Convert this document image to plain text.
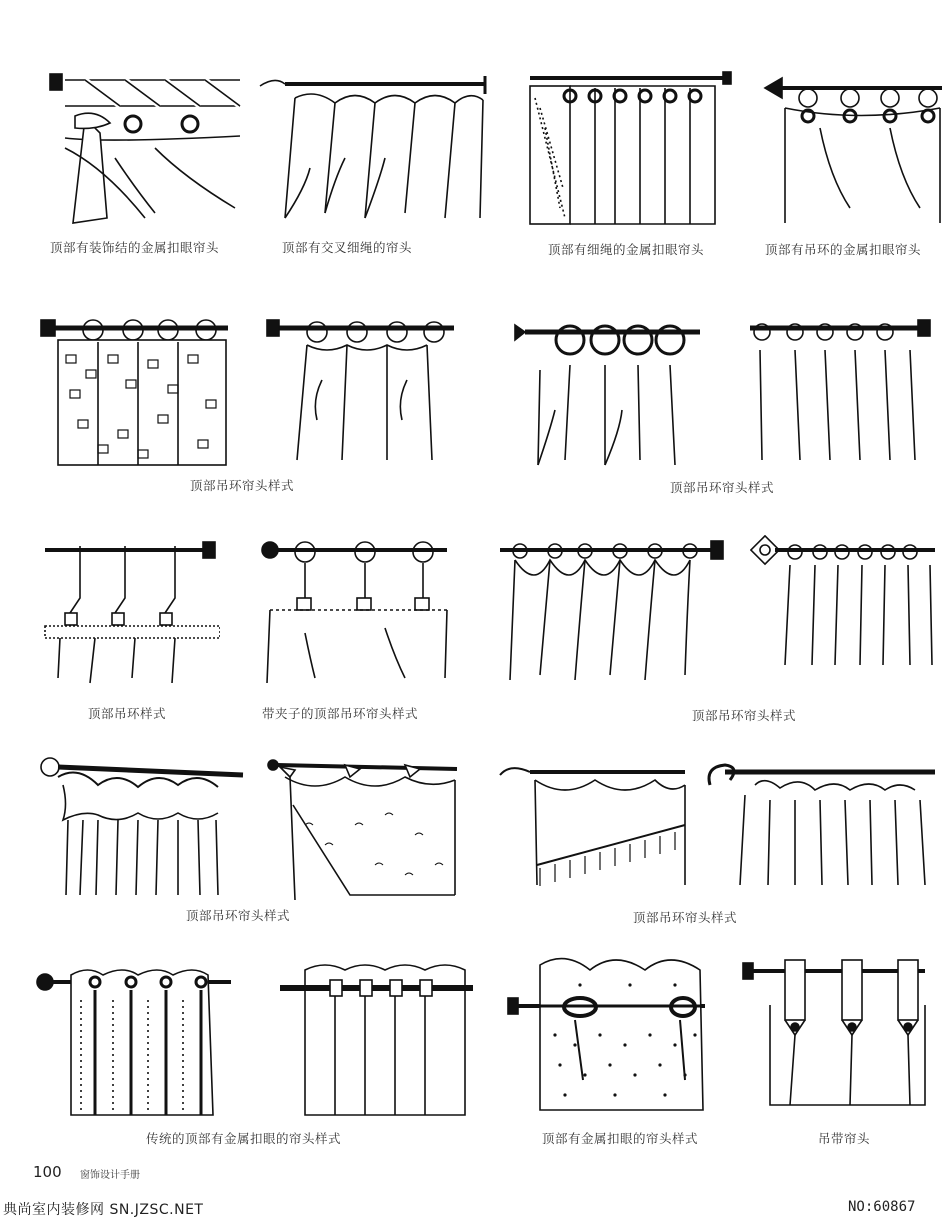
顶部有装饰结的金属扣眼帘头	顶部有交叉细绳的帘头	顶部有细绳的金属扣眼帘头	顶部有吊环的金属扣眼帘头
顶部吊环帘头样式	顶部吊环帘头样式
顶部吊环样式	带夹子的顶部吊环帘头样式	顶部吊环帘头样式
顶部吊环帘头样式	顶部吊环帘头样式
传统的顶部有金属扣眼的帘头样式	顶部有金属扣眼的帘头样式	吊带帘头
100 窗饰设计手册
典尚室内装修网 SN.JZSC.NET	NO:60867
